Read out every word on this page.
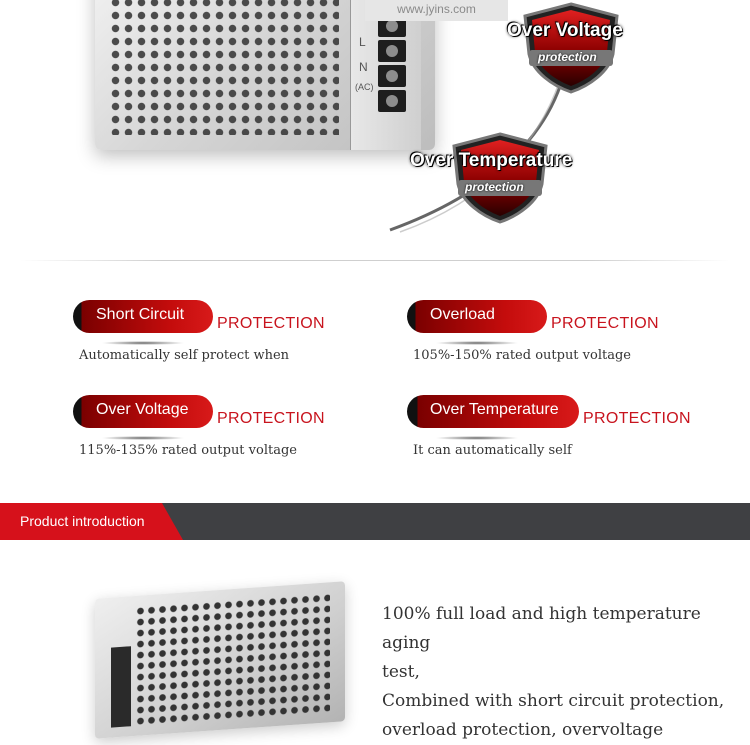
L
N
(AC)
www.jyins.com
Over Voltage
protection
Over Temperature
protection
Short Circuit
PROTECTION
Automatically self protect when
Overload
PROTECTION
105%-150% rated output voltage
Over Voltage
PROTECTION
115%-135% rated output voltage
Over Temperature
PROTECTION
It can automatically self
Product introduction
100% full load and high temperature aging
test,
Combined with short circuit protection,
overload protection, overvoltage
